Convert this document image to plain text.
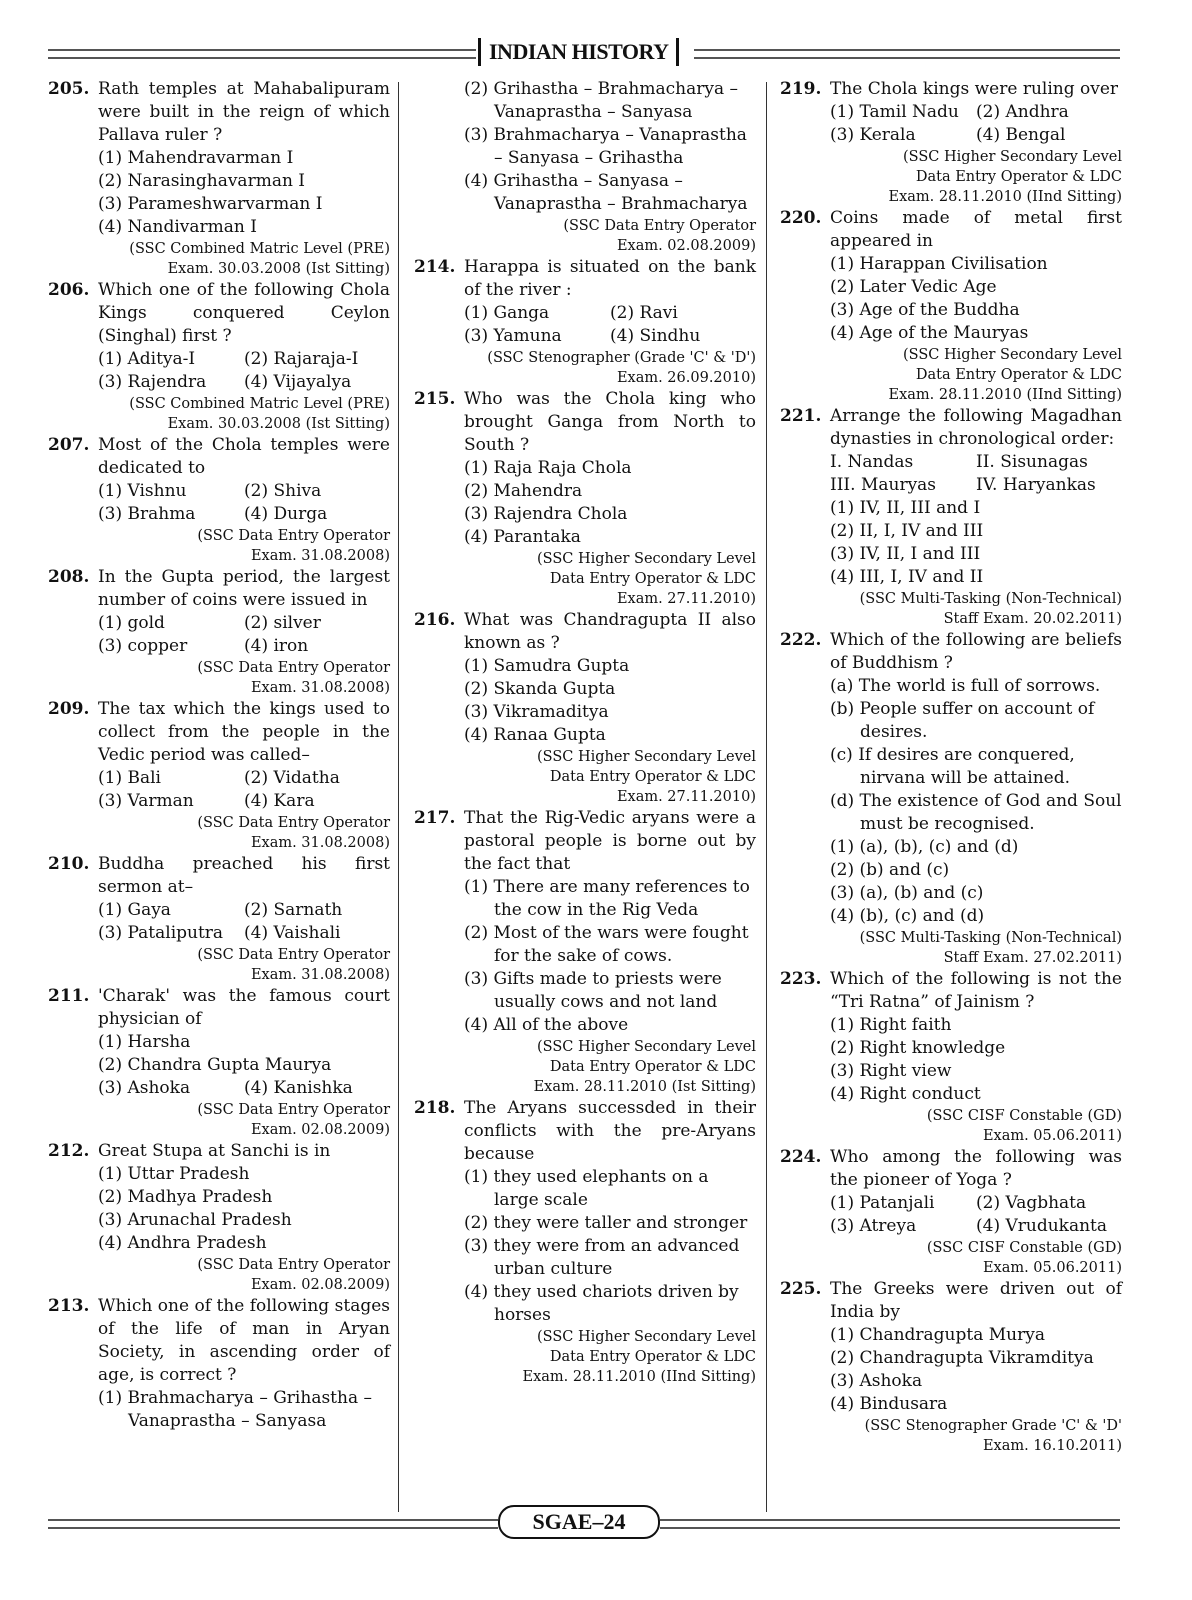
INDIAN HISTORY
205. Rath temples at Mahabalipuram were built in the reign of which Pallava ruler ?
(1) Mahendravarman I
(2) Narasinghavarman I
(3) Parameshwarvarman I
(4) Nandivarman I
(SSC Combined Matric Level (PRE)
Exam. 30.03.2008 (Ist Sitting)
206. Which one of the following Chola Kings conquered Ceylon (Singhal) first ?
(1) Aditya-I	(2) Rajaraja-I
(3) Rajendra	(4) Vijayalya
(SSC Combined Matric Level (PRE)
Exam. 30.03.2008 (Ist Sitting)
207. Most of the Chola temples were dedicated to
(1) Vishnu	(2) Shiva
(3) Brahma	(4) Durga
(SSC Data Entry Operator
Exam. 31.08.2008)
208. In the Gupta period, the largest number of coins were issued in
(1) gold	(2) silver
(3) copper	(4) iron
(SSC Data Entry Operator
Exam. 31.08.2008)
209. The tax which the kings used to collect from the people in the Vedic period was called–
(1) Bali	(2) Vidatha
(3) Varman	(4) Kara
(SSC Data Entry Operator
Exam. 31.08.2008)
210. Buddha preached his first sermon at–
(1) Gaya	(2) Sarnath
(3) Pataliputra	(4) Vaishali
(SSC Data Entry Operator
Exam. 31.08.2008)
211. 'Charak' was the famous court physician of
(1) Harsha
(2) Chandra Gupta Maurya
(3) Ashoka	(4) Kanishka
(SSC Data Entry Operator
Exam. 02.08.2009)
212. Great Stupa at Sanchi is in
(1) Uttar Pradesh
(2) Madhya Pradesh
(3) Arunachal Pradesh
(4) Andhra Pradesh
(SSC Data Entry Operator
Exam. 02.08.2009)
213. Which one of the following stages of the life of man in Aryan Society, in ascending order of age, is correct ?
(1) Brahmacharya – Grihastha – Vanaprastha – Sanyasa
(2) Grihastha – Brahmacharya – Vanaprastha – Sanyasa
(3) Brahmacharya – Vanaprastha – Sanyasa – Grihastha
(4) Grihastha – Sanyasa – Vanaprastha – Brahmacharya
(SSC Data Entry Operator
Exam. 02.08.2009)
214. Harappa is situated on the bank of the river :
(1) Ganga	(2) Ravi
(3) Yamuna	(4) Sindhu
(SSC Stenographer (Grade 'C' & 'D')
Exam. 26.09.2010)
215. Who was the Chola king who brought Ganga from North to South ?
(1) Raja Raja Chola
(2) Mahendra
(3) Rajendra Chola
(4) Parantaka
(SSC Higher Secondary Level
Data Entry Operator & LDC
Exam. 27.11.2010)
216. What was Chandragupta II also known as ?
(1) Samudra Gupta
(2) Skanda Gupta
(3) Vikramaditya
(4) Ranaa Gupta
(SSC Higher Secondary Level
Data Entry Operator & LDC
Exam. 27.11.2010)
217. That the Rig-Vedic aryans were a pastoral people is borne out by the fact that
(1) There are many references to the cow in the Rig Veda
(2) Most of the wars were fought for the sake of cows.
(3) Gifts made to priests were usually cows and not land
(4) All of the above
(SSC Higher Secondary Level
Data Entry Operator & LDC
Exam. 28.11.2010 (Ist Sitting)
218. The Aryans successded in their conflicts with the pre-Aryans because
(1) they used elephants on a large scale
(2) they were taller and stronger
(3) they were from an advanced urban culture
(4) they used chariots driven by horses
(SSC Higher Secondary Level
Data Entry Operator & LDC
Exam. 28.11.2010 (IInd Sitting)
219. The Chola kings were ruling over
(1) Tamil Nadu	(2) Andhra
(3) Kerala	(4) Bengal
(SSC Higher Secondary Level
Data Entry Operator & LDC
Exam. 28.11.2010 (IInd Sitting)
220. Coins made of metal first appeared in
(1) Harappan Civilisation
(2) Later Vedic Age
(3) Age of the Buddha
(4) Age of the Mauryas
(SSC Higher Secondary Level
Data Entry Operator & LDC
Exam. 28.11.2010 (IInd Sitting)
221. Arrange the following Magadhan dynasties in chronological order:
I. Nandas	II. Sisunagas
III. Mauryas	IV. Haryankas
(1) IV, II, III and I
(2) II, I, IV and III
(3) IV, II, I and III
(4) III, I, IV and II
(SSC Multi-Tasking (Non-Technical)
Staff Exam. 20.02.2011)
222. Which of the following are beliefs of Buddhism ?
(a) The world is full of sorrows.
(b) People suffer on account of desires.
(c) If desires are conquered, nirvana will be attained.
(d) The existence of God and Soul must be recognised.
(1) (a), (b), (c) and (d)
(2) (b) and (c)
(3) (a), (b) and (c)
(4) (b), (c) and (d)
(SSC Multi-Tasking (Non-Technical)
Staff Exam. 27.02.2011)
223. Which of the following is not the “Tri Ratna” of Jainism ?
(1) Right faith
(2) Right knowledge
(3) Right view
(4) Right conduct
(SSC CISF Constable (GD)
Exam. 05.06.2011)
224. Who among the following was the pioneer of Yoga ?
(1) Patanjali	(2) Vagbhata
(3) Atreya	(4) Vrudukanta
(SSC CISF Constable (GD)
Exam. 05.06.2011)
225. The Greeks were driven out of India by
(1) Chandragupta Murya
(2) Chandragupta Vikramditya
(3) Ashoka
(4) Bindusara
(SSC Stenographer Grade 'C' & 'D'
Exam. 16.10.2011)
SGAE–24
